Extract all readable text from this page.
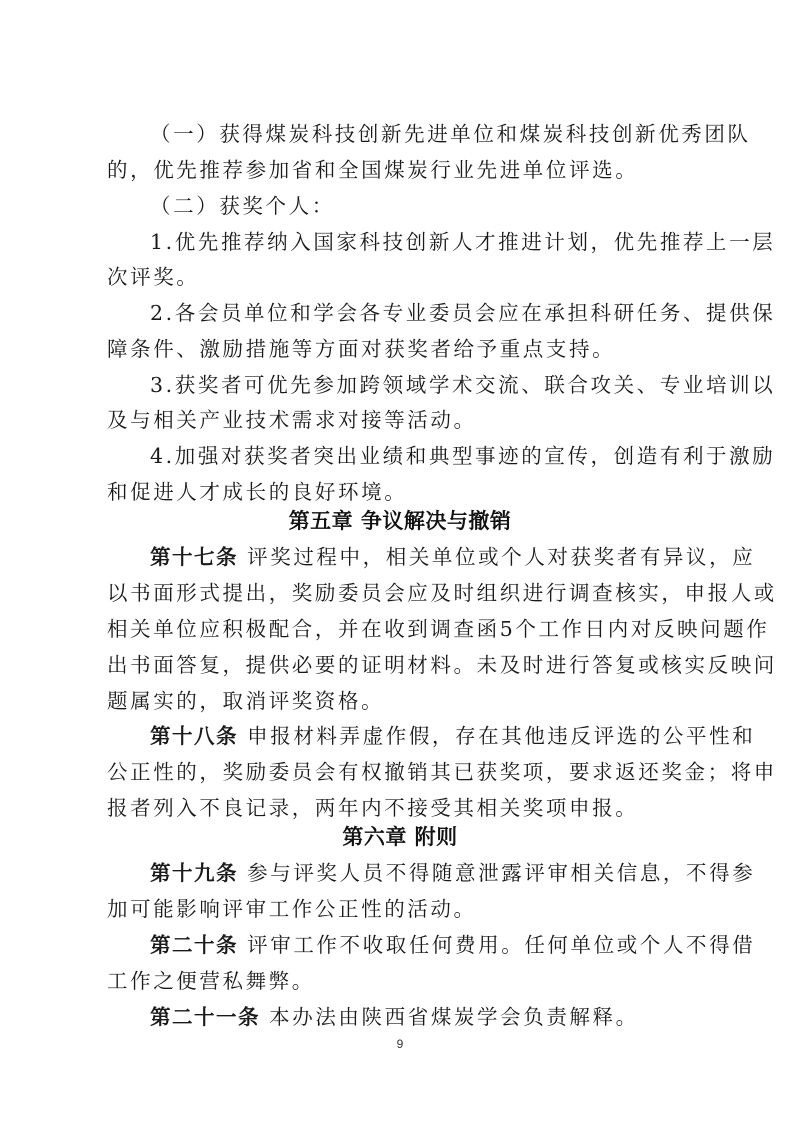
（一）获得煤炭科技创新先进单位和煤炭科技创新优秀团队
的，优先推荐参加省和全国煤炭行业先进单位评选。
（二）获奖个人：
1.优先推荐纳入国家科技创新人才推进计划，优先推荐上一层
次评奖。
2.各会员单位和学会各专业委员会应在承担科研任务、提供保
障条件、激励措施等方面对获奖者给予重点支持。
3.获奖者可优先参加跨领域学术交流、联合攻关、专业培训以
及与相关产业技术需求对接等活动。
4.加强对获奖者突出业绩和典型事迹的宣传，创造有利于激励
和促进人才成长的良好环境。
第五章 争议解决与撤销
第十七条 评奖过程中，相关单位或个人对获奖者有异议，应
以书面形式提出，奖励委员会应及时组织进行调查核实，申报人或
相关单位应积极配合，并在收到调查函5个工作日内对反映问题作
出书面答复，提供必要的证明材料。未及时进行答复或核实反映问
题属实的，取消评奖资格。
第十八条 申报材料弄虚作假，存在其他违反评选的公平性和
公正性的，奖励委员会有权撤销其已获奖项，要求返还奖金；将申
报者列入不良记录，两年内不接受其相关奖项申报。
第六章 附则
第十九条 参与评奖人员不得随意泄露评审相关信息，不得参
加可能影响评审工作公正性的活动。
第二十条 评审工作不收取任何费用。任何单位或个人不得借
工作之便营私舞弊。
第二十一条 本办法由陕西省煤炭学会负责解释。
9
